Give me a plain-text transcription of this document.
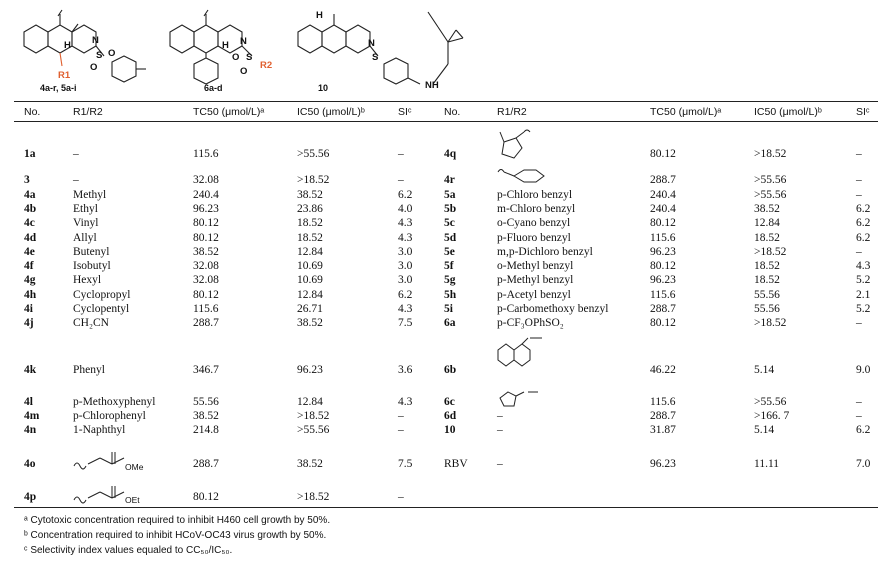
H N
S O
O
R1
4a-r, 5a-i
H N
S
O
O
R2
6a-d
H
N
S
NH
10
No.	R1/R2	TC50 (μmol/L)ᵃ	IC50 (μmol/L)ᵇ	SIᶜ	No.	R1/R2	TC50 (μmol/L)ᵃ	IC50 (μmol/L)ᵇ	SIᶜ
1a	–	115.6	>55.56	–
3	–	32.08	>18.52	–
4a	Methyl	240.4	38.52	6.2
4b	Ethyl	96.23	23.86	4.0
4c	Vinyl	80.12	18.52	4.3
4d	Allyl	80.12	18.52	4.3
4e	Butenyl	38.52	12.84	3.0
4f	Isobutyl	32.08	10.69	3.0
4g	Hexyl	32.08	10.69	3.0
4h	Cyclopropyl	80.12	12.84	6.2
4i	Cyclopentyl	115.6	26.71	4.3
4j	CH₂CN	288.7	38.52	7.5
4k	Phenyl	346.7	96.23	3.6
4l	p-Methoxyphenyl	55.56	12.84	4.3
4m	p-Chlorophenyl	38.52	>18.52	–
4n	1-Naphthyl	214.8	>55.56	–
4o	288.7	38.52	7.5
4p	80.12	>18.52	–
OMe
OEt
4q	80.12	>18.52	–
4r	288.7	>55.56	–
5a	p-Chloro benzyl	240.4	>55.56	–
5b	m-Chloro benzyl	240.4	38.52	6.2
5c	o-Cyano benzyl	80.12	12.84	6.2
5d	p-Fluoro benzyl	115.6	18.52	6.2
5e	m,p-Dichloro benzyl	96.23	>18.52	–
5f	o-Methyl benzyl	80.12	18.52	4.3
5g	p-Methyl benzyl	96.23	18.52	5.2
5h	p-Acetyl benzyl	115.6	55.56	2.1
5i	p-Carbomethoxy benzyl	288.7	55.56	5.2
6a	p-CF₃OPhSO₂	80.12	>18.52	–
6b	46.22	5.14	9.0
6c	115.6	>55.56	–
6d	–	288.7	>166. 7	–
10	–	31.87	5.14	6.2
RBV	–	96.23	11.11	7.0
ᵃ Cytotoxic concentration required to inhibit H460 cell growth by 50%.
ᵇ Concentration required to inhibit HCoV-OC43 virus growth by 50%.
ᶜ Selectivity index values equaled to CC₅₀/IC₅₀.
